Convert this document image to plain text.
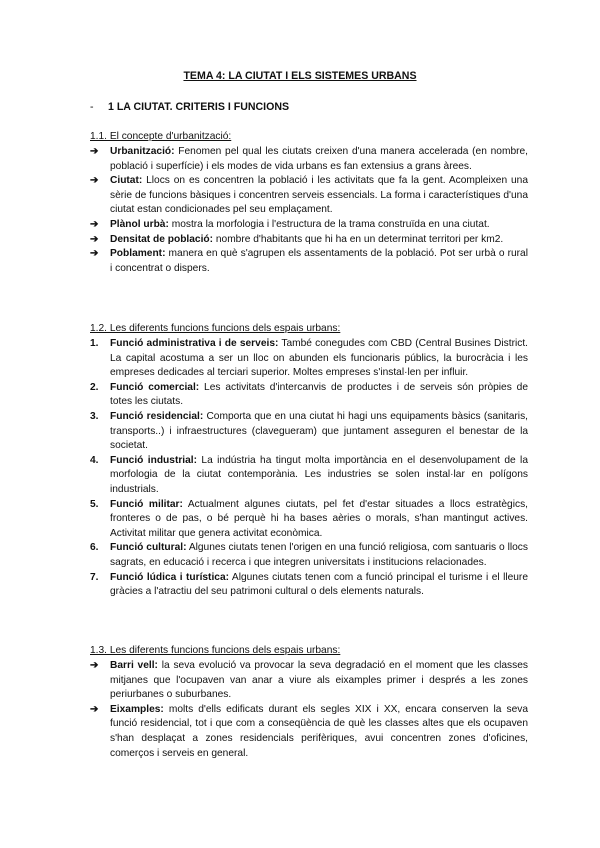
TEMA 4: LA CIUTAT I ELS SISTEMES URBANS
- 1 LA CIUTAT. CRITERIS I FUNCIONS
1.1. El concepte d'urbanització:
➔	Urbanització: Fenomen pel qual les ciutats creixen d'una manera accelerada (en nombre, població i superfície) i els modes de vida urbans es fan extensius a grans àrees.
➔	Ciutat: Llocs on es concentren la població i les activitats que fa la gent. Acompleixen una sèrie de funcions bàsiques i concentren serveis essencials. La forma i característiques d'una ciutat estan condicionades pel seu emplaçament.
➔	Plànol urbà: mostra la morfologia i l'estructura de la trama construïda en una ciutat.
➔	Densitat de població: nombre d'habitants que hi ha en un determinat territori per km2.
➔	Poblament: manera en què s'agrupen els assentaments de la població. Pot ser urbà o rural i concentrat o dispers.
1.2. Les diferents funcions funcions dels espais urbans:
1.	Funció administrativa i de serveis: També conegudes com CBD (Central Busines District. La capital acostuma a ser un lloc on abunden els funcionaris públics, la burocràcia i les empreses dedicades al terciari superior. Moltes empreses s'instal·len per influir.
2.	Funció comercial: Les activitats d'intercanvis de productes i de serveis són pròpies de totes les ciutats.
3.	Funció residencial: Comporta que en una ciutat hi hagi uns equipaments bàsics (sanitaris, transports..) i infraestructures (clavegueram) que juntament asseguren el benestar de la societat.
4.	Funció industrial: La indústria ha tingut molta importància en el desenvolupament de la morfologia de la ciutat contemporània. Les industries se solen instal·lar en polígons industrials.
5.	Funció militar: Actualment algunes ciutats, pel fet d'estar situades a llocs estratègics, fronteres o de pas, o bé perquè hi ha bases aèries o morals, s'han mantingut actives. Activitat militar que genera activitat econòmica.
6.	Funció cultural: Algunes ciutats tenen l'origen en una funció religiosa, com santuaris o llocs sagrats, en educació i recerca i que integren universitats i institucions relacionades.
7.	Funció lúdica i turística: Algunes ciutats tenen com a funció principal el turisme i el lleure gràcies a l'atractiu del seu patrimoni cultural o dels elements naturals.
1.3. Les diferents funcions funcions dels espais urbans:
➔	Barri vell: la seva evolució va provocar la seva degradació en el moment que les classes mitjanes que l'ocupaven van anar a viure als eixamples primer i després a les zones periurbanes o suburbanes.
➔	Eixamples: molts d'ells edificats durant els segles XIX i XX, encara conserven la seva funció residencial, tot i que com a conseqüència de què les classes altes que els ocupaven s'han desplaçat a zones residencials perifèriques, avui concentren zones d'oficines, comerços i serveis en general.
